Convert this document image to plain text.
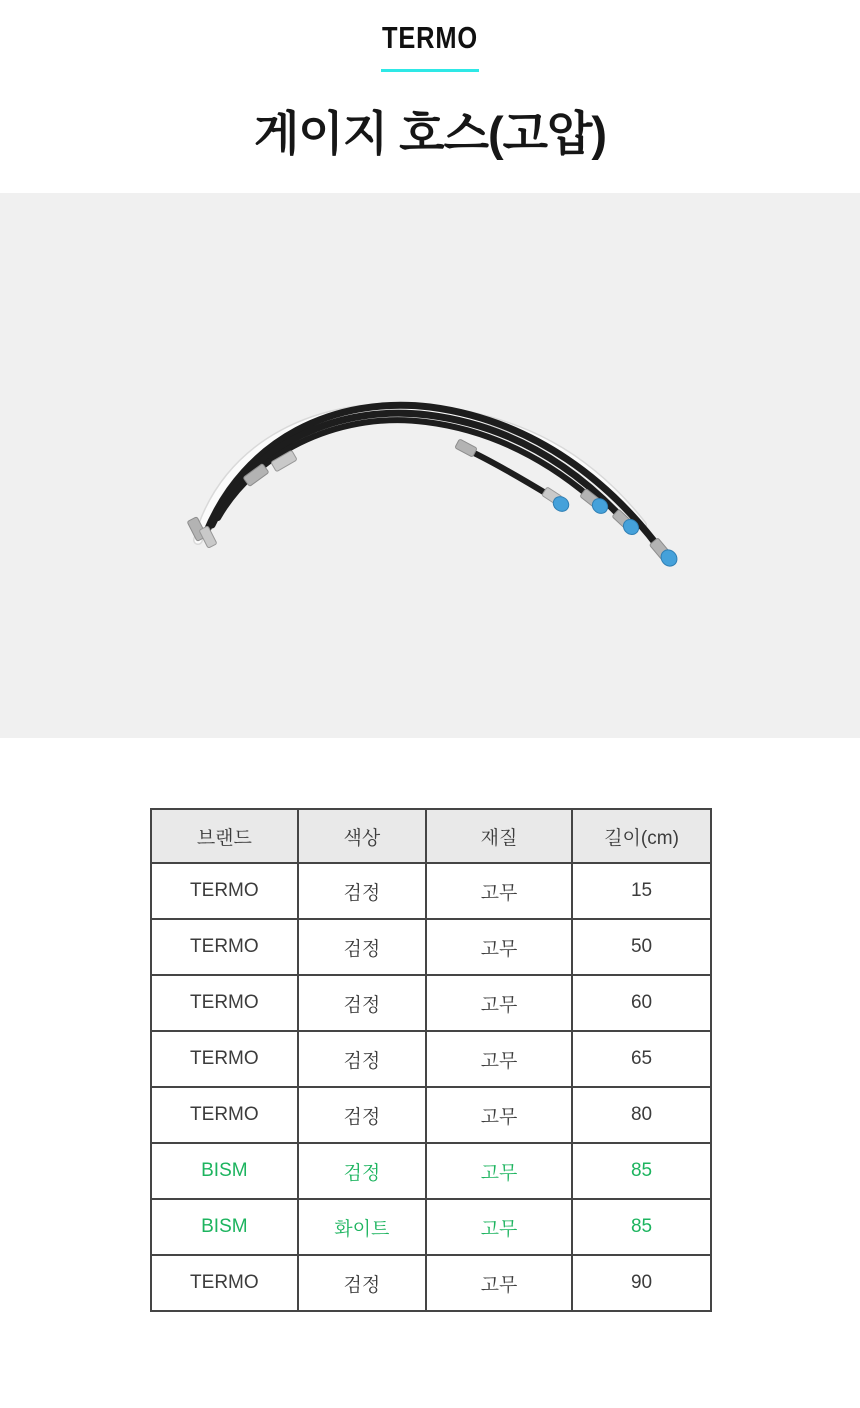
TERMO
게이지 호스(고압)
브랜드	색상	재질	길이(cm)
TERMO	검정	고무	15
TERMO	검정	고무	50
TERMO	검정	고무	60
TERMO	검정	고무	65
TERMO	검정	고무	80
BISM	검정	고무	85
BISM	화이트	고무	85
TERMO	검정	고무	90
